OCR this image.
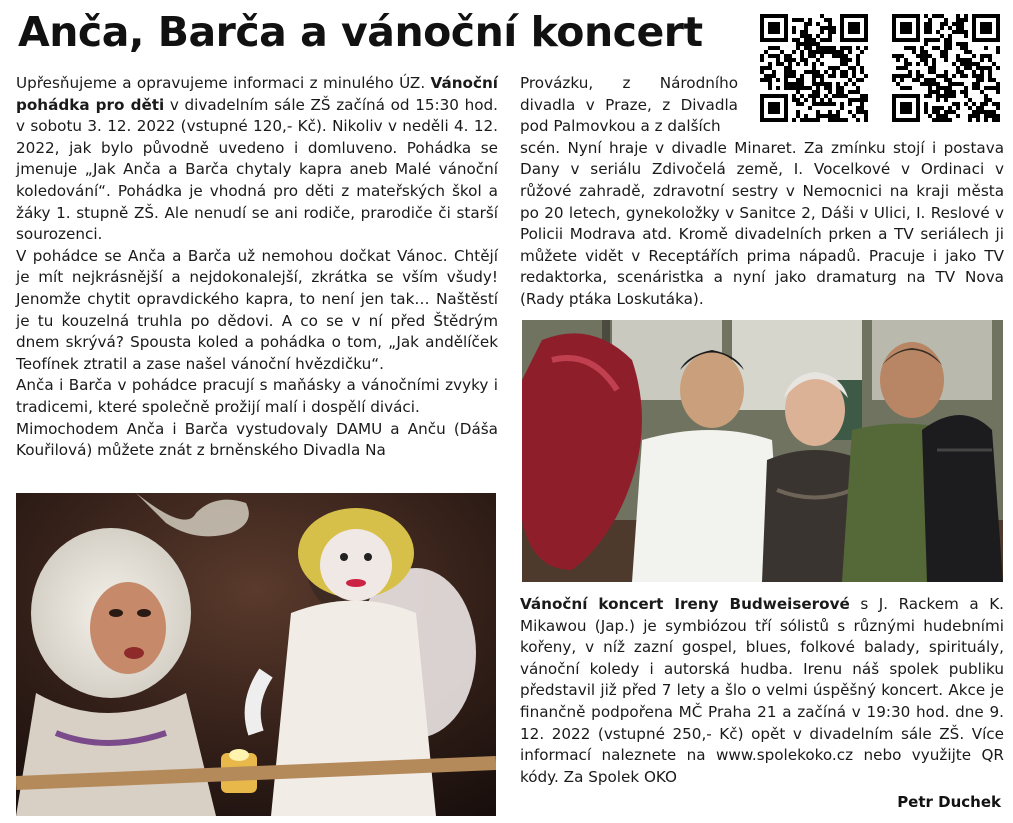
Anča, Barča a vánoční koncert

Upřesňujeme a opravujeme informaci z minulého ÚZ. Vánoční pohádka pro děti v divadelním sále ZŠ začíná od 15:30 hod. v sobotu 3. 12. 2022 (vstupné 120,- Kč). Nikoliv v neděli 4. 12. 2022, jak bylo původně uvedeno i domluveno. Pohádka se jmenuje „Jak Anča a Barča chytaly kapra aneb Malé vánoční koledování“. Pohádka je vhodná pro děti z mateřských škol a žáky 1. stupně ZŠ. Ale nenudí se ani rodiče, prarodiče či starší sourozenci.

V pohádce se Anča a Barča už nemohou dočkat Vánoc. Chtějí je mít nejkrásnější a nejdokonalejší, zkrátka se vším všudy! Jenomže chytit opravdického kapra, to není jen tak… Naštěstí je tu kouzelná truhla po dědovi. A co se v ní před Štědrým dnem skrývá? Spousta koled a pohádka o tom, „Jak andělíček Teofínek ztratil a zase našel vánoční hvězdičku“.

Anča i Barča v pohádce pracují s maňásky a vánočními zvyky i tradicemi, které společně prožijí malí i dospělí diváci.

Mimochodem Anča i Barča vystudovaly DAMU a Anču (Dáša Kouřilová) můžete znát z brněnského Divadla Na

Provázku, z Národního divadla v Praze, z Divadla pod Palmovkou a z dalších

scén. Nyní hraje v divadle Minaret. Za zmínku stojí i postava Dany v seriálu Zdivočelá země, I. Vocelkové v Ordinaci v růžové zahradě, zdravotní sestry v Nemocnici na kraji města po 20 letech, gynekoložky v Sanitce 2, Dáši v Ulici, I. Reslové v Policii Modrava atd. Kromě divadelních prken a TV seriálech ji můžete vidět v Receptářích prima nápadů. Pracuje i jako TV redaktorka, scenáristka a nyní jako dramaturg na TV Nova (Rady ptáka Loskutáka).

Vánoční koncert Ireny Budweiserové s J. Rackem a K. Mikawou (Jap.) je symbiózou tří sólistů s různými hudebními kořeny, v níž zazní gospel, blues, folkové balady, spirituály, vánoční koledy i autorská hudba. Irenu náš spolek publiku představil již před 7 lety a šlo o velmi úspěšný koncert. Akce je finančně podpořena MČ Praha 21 a začíná v 19:30 hod. dne 9. 12. 2022 (vstupné 250,- Kč) opět v divadelním sále ZŠ. Více informací naleznete na www.spolekoko.cz nebo využijte QR kódy. Za Spolek OKO

Petr Duchek
